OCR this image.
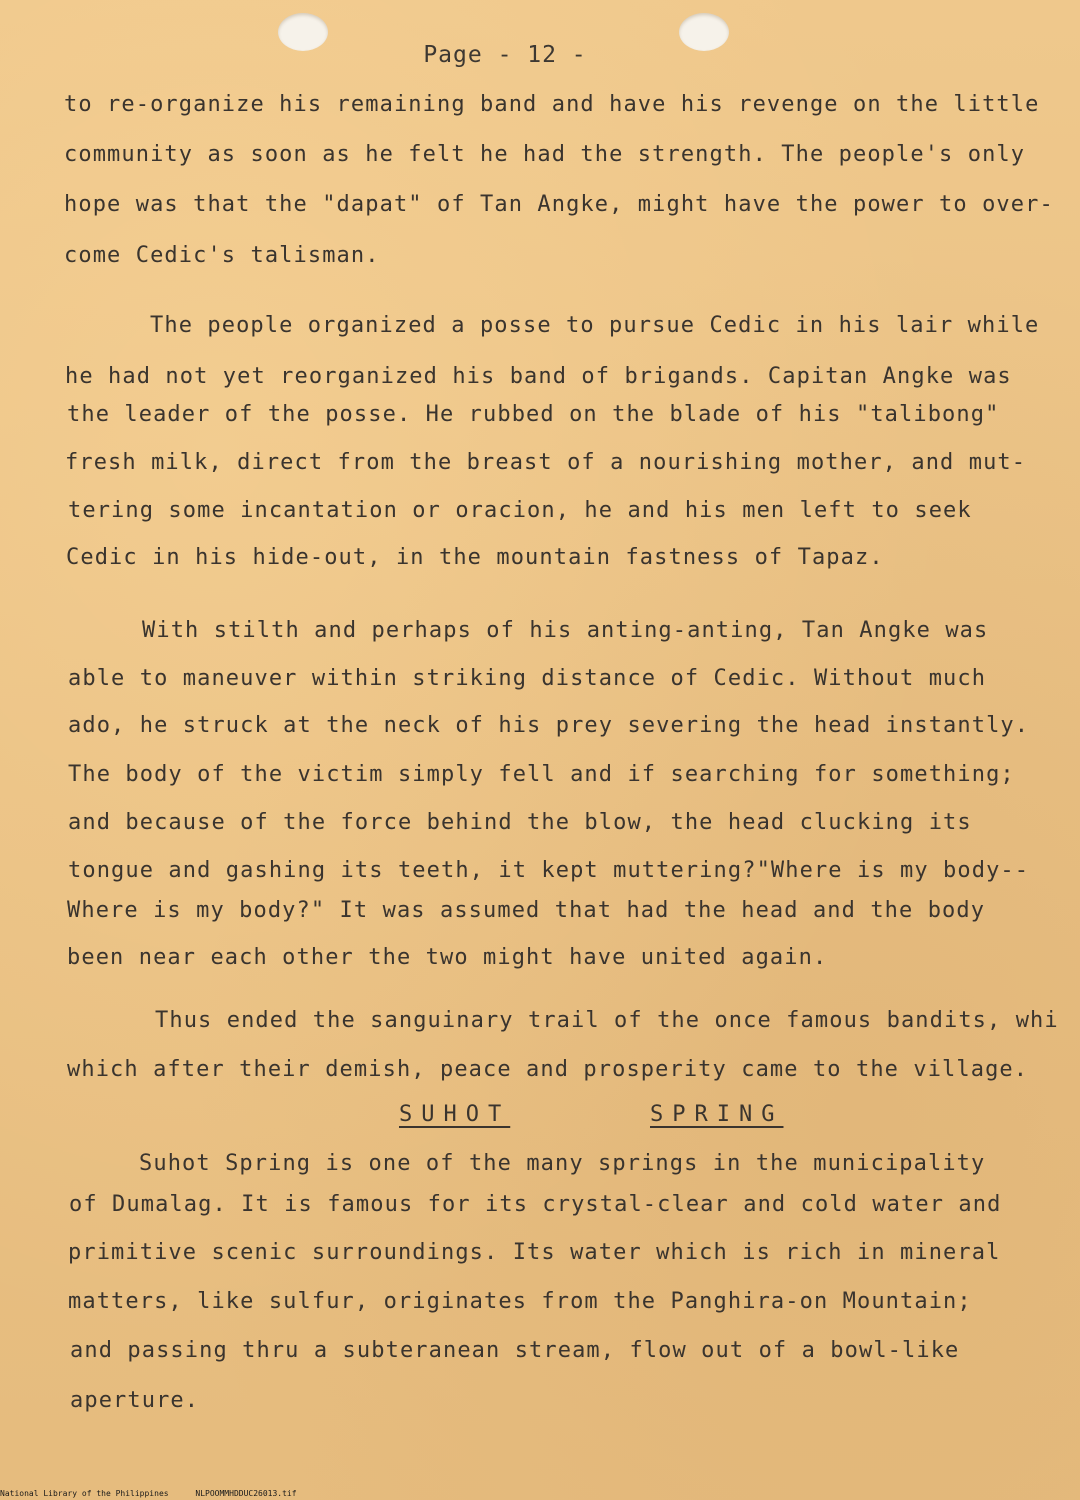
Page - 12 -
to re-organize his remaining band and have his revenge on the little
community as soon as he felt he had the strength. The people's only
hope was that the "dapat" of Tan Angke, might have the power to over-
come Cedic's talisman.
The people organized a posse to pursue Cedic in his lair while
he had not yet reorganized his band of brigands. Capitan Angke was
the leader of the posse. He rubbed on the blade of his "talibong"
fresh milk, direct from the breast of a nourishing mother, and mut-
tering some incantation or oracion, he and his men left to seek
Cedic in his hide-out, in the mountain fastness of Tapaz.
With stilth and perhaps of his anting-anting, Tan Angke was
able to maneuver within striking distance of Cedic. Without much
ado, he struck at the neck of his prey severing the head instantly.
The body of the victim simply fell and if searching for something;
and because of the force behind the blow, the head clucking its
tongue and gashing its teeth, it kept muttering?"Where is my body--
Where is my body?" It was assumed that had the head and the body
been near each other the two might have united again.
Thus ended the sanguinary trail of the once famous bandits, whi
which after their demish, peace and prosperity came to the village.
SUHOT	SPRING
Suhot Spring is one of the many springs in the municipality
of Dumalag. It is famous for its crystal-clear and cold water and
primitive scenic surroundings. Its water which is rich in mineral
matters, like sulfur, originates from the Panghira-on Mountain;
and passing thru a subteranean stream, flow out of a bowl-like
aperture.
National Library of the Philippines	NLPOOMMHDDUC26013.tif
